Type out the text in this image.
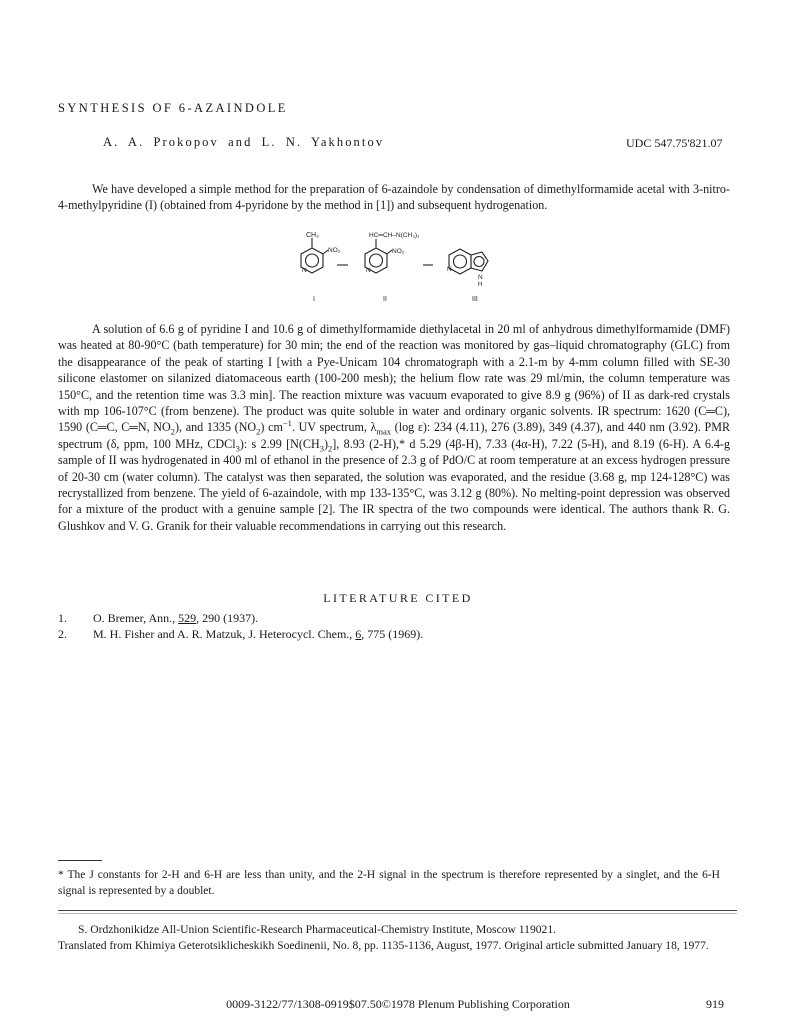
SYNTHESIS OF 6-AZAINDOLE
A. A. Prokopov and L. N. Yakhontov	UDC 547.75'821.07

We have developed a simple method for the preparation of 6-azaindole by condensation of dimethylformamide acetal with 3-nitro-4-methylpyridine (I) (obtained from 4-pyridone by the method in [1]) and subsequent hydrogenation.

CH₃
NO₂
N
HC═CH–N(CH₃)₂
NO₂
N	N
N
H
I	II	III

A solution of 6.6 g of pyridine I and 10.6 g of dimethylformamide diethylacetal in 20 ml of anhydrous dimethylformamide (DMF) was heated at 80-90°C (bath temperature) for 30 min; the end of the reaction was monitored by gas–liquid chromatography (GLC) from the disappearance of the peak of starting I [with a Pye-Unicam 104 chromatograph with a 2.1-m by 4-mm column filled with SE-30 silicone elastomer on silanized diatomaceous earth (100-200 mesh); the helium flow rate was 29 ml/min, the column temperature was 150°C, and the retention time was 3.3 min]. The reaction mixture was vacuum evaporated to give 8.9 g (96%) of II as dark-red crystals with mp 106-107°C (from benzene). The product was quite soluble in water and ordinary organic solvents. IR spectrum: 1620 (C═C), 1590 (C═C, C═N, $NO_2$), and 1335 $(NO_2)$ $cm^{-1}$. UV spectrum, $\lambda_{max}$ (log ε): 234 (4.11), 276 (3.89), 349 (4.37), and 440 nm (3.92). PMR spectrum (δ, ppm, 100 MHz, CDCl$_3$): s 2.99 $[N(CH_3)_2]$, 8.93 (2-H),* d 5.29 (4β-H), 7.33 (4α-H), 7.22 (5-H), and 8.19 (6-H). A 6.4-g sample of II was hydrogenated in 400 ml of ethanol in the presence of 2.3 g of PdO/C at room temperature at an excess hydrogen pressure of 20-30 cm (water column). The catalyst was then separated, the solution was evaporated, and the residue (3.68 g, mp 124-128°C) was recrystallized from benzene. The yield of 6-azaindole, with mp 133-135°C, was 3.12 g (80%). No melting-point depression was observed for a mixture of the product with a genuine sample [2]. The IR spectra of the two compounds were identical. The authors thank R. G. Glushkov and V. G. Granik for their valuable recommendations in carrying out this research.

LITERATURE CITED
1. O. Bremer, Ann., 529, 290 (1937).
2. M. H. Fisher and A. R. Matzuk, J. Heterocycl. Chem., 6, 775 (1969).
* The J constants for 2-H and 6-H are less than unity, and the 2-H signal in the spectrum is therefore represented by a singlet, and the 6-H signal is represented by a doublet.
S. Ordzhonikidze All-Union Scientific-Research Pharmaceutical-Chemistry Institute, Moscow 119021.
Translated from Khimiya Geterotsiklicheskikh Soedinenii, No. 8, pp. 1135-1136, August, 1977. Original article submitted January 18, 1977.
0009-3122/77/1308-0919$07.50©1978 Plenum Publishing Corporation	919
